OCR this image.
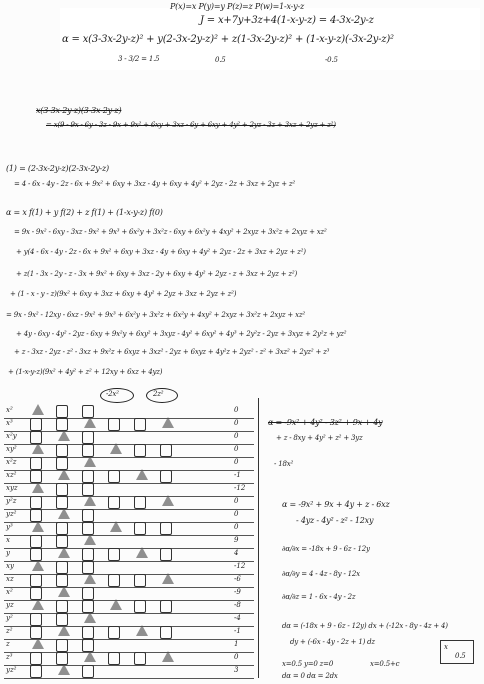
P(x)=x P(y)=y P(z)=z P(w)=1-x-y-z
J = x+7y+3z+4(1-x-y-z) = 4-3x-2y-z
α = x(3-3x-2y-z)² + y(2-3x-2y-z)² + z(1-3x-2y-z)² + (1-x-y-z)(-3x-2y-z)²
3 - 3/2 = 1.5	0.5	-0.5
x(3-3x-2y-z)(3-3x-2y-z)
= x(9 - 9x - 6y - 3z - 9x + 9x² + 6xy + 3xz - 6y + 6xy + 4y² + 2yz - 3z + 3xz + 2yz + z²)
(1) = (2-3x-2y-z)(2-3x-2y-z)
= 4 - 6x - 4y - 2z - 6x + 9x² + 6xy + 3xz - 4y + 6xy + 4y² + 2yz - 2z + 3xz + 2yz + z²
α = x f(1) + y f(2) + z f(1) + (1-x-y-z) f(0)
= 9x - 9x² - 6xy - 3xz - 9x² + 9x³ + 6x²y + 3x²z - 6xy + 6x²y + 4xy² + 2xyz + 3x²z + 2xyz + xz²
+ y(4 - 6x - 4y - 2z - 6x + 9x² + 6xy + 3xz - 4y + 6xy + 4y² + 2yz - 2z + 3xz + 2yz + z²)
+ z(1 - 3x - 2y - z - 3x + 9x² + 6xy + 3xz - 2y + 6xy + 4y² + 2yz - z + 3xz + 2yz + z²)
+ (1 - x - y - z)(9x² + 6xy + 3xz + 6xy + 4y² + 2yz + 3xz + 2yz + z²)
= 9x - 9x² - 12xy - 6xz - 9x² + 9x³ + 6x²y + 3x²z + 6x²y + 4xy² + 2xyz + 3x²z + 2xyz + xz²
+ 4y - 6xy - 4y² - 2yz - 6xy + 9x²y + 6xy² + 3xyz - 4y² + 6xy² + 4y³ + 2y²z - 2yz + 3xyz + 2y²z + yz²
+ z - 3xz - 2yz - z² - 3xz + 9x²z + 6xyz + 3xz² - 2yz + 6xyz + 4y²z + 2yz² - z² + 3xz² + 2yz² + z³
+ (1-x-y-z)(9x² + 4y² + z² + 12xy + 6xz + 4yz)
-2x²	2z²
x²	0
x³	0
x²y	0
xy²	0
x²z	0
xz²	-1
xyz	-12
y²z	0
yz²	0
y³	0
x	9
y	4
xy	-12
xz	-6
x²	-9
yz	-8
y²	-4
z²	-1
z	1
z³	0
yz²	3
α = -9x² + 4y² - 3z² + 9x + 4y
+ z - 8xy + 4y² + z² + 3yz
- 18x²
α = -9x² + 9x + 4y + z - 6xz
- 4yz - 4y² - z² - 12xy
∂α/∂x = -18x + 9 - 6z - 12y
∂α/∂y = 4 - 4z - 8y - 12x
∂α/∂z = 1 - 6x - 4y - 2z
dα = (-18x + 9 - 6z - 12y) dx + (-12x - 8y - 4z + 4)
dy + (-6x - 4y - 2z + 1) dz
x=0.5 y=0 z=0	x=0.5+c
dα = 0 dα = 2dx
x
0.5
